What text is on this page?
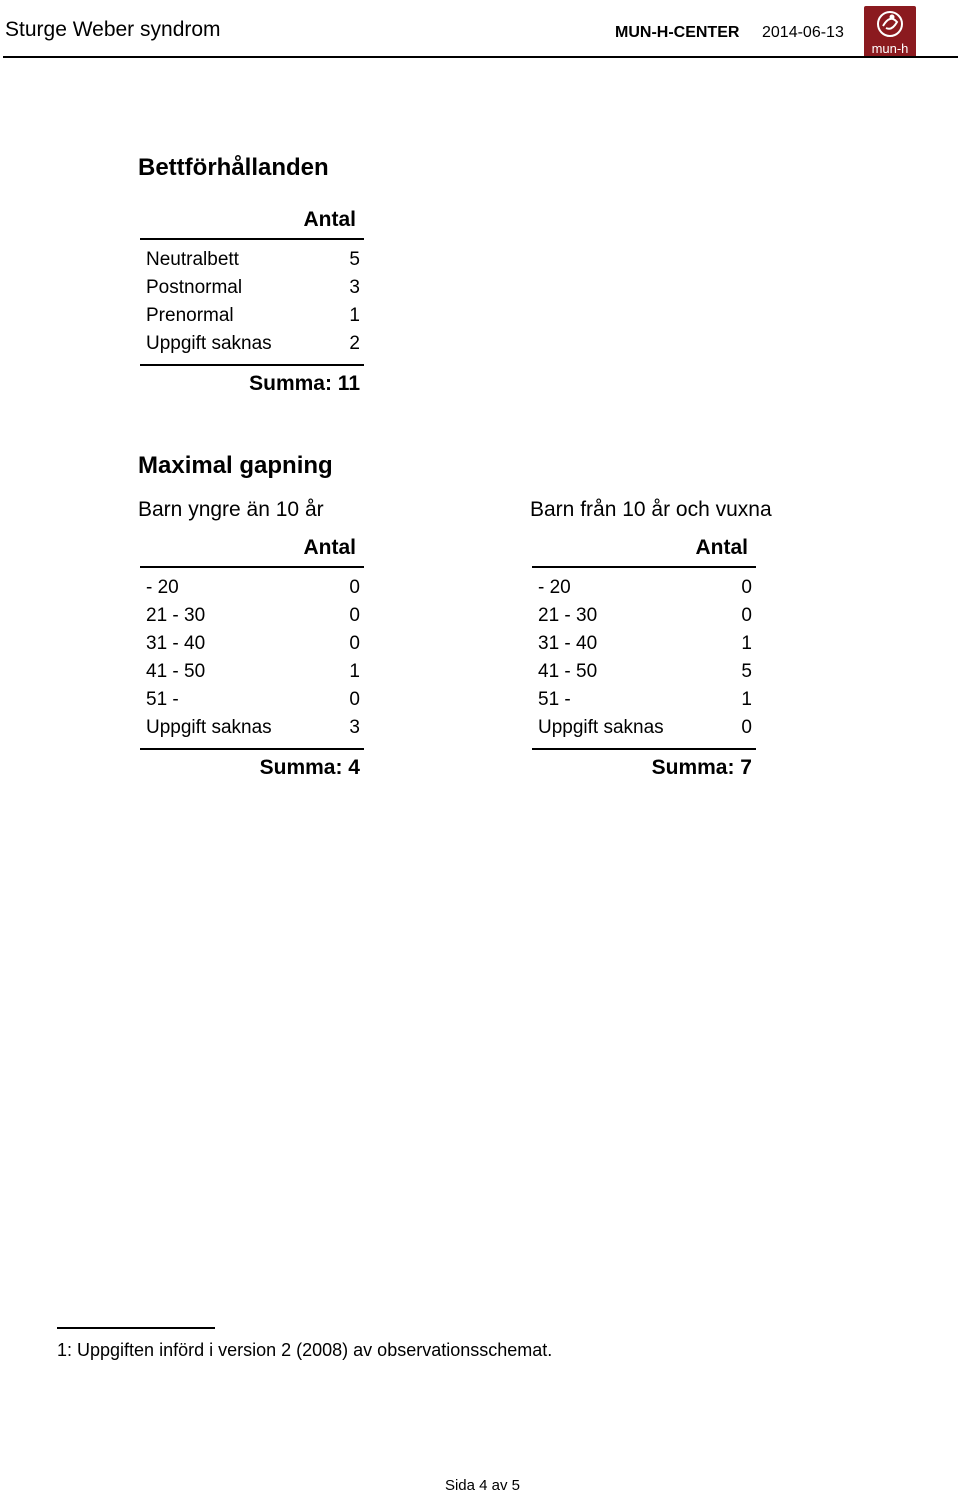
Sturge Weber syndrom	MUN-H-CENTER 2014-06-13
mun-h
Bettförhållanden
Antal
Neutralbett	5
Postnormal	3
Prenormal	1
Uppgift saknas	2
Summa: 11
Maximal gapning
Barn yngre än 10 år	Barn från 10 år och vuxna
Antal
- 20	0
21 - 30	0
31 - 40	0
41 - 50	1
51 -	0
Uppgift saknas	3
Summa: 4
Antal
- 20	0
21 - 30	0
31 - 40	1
41 - 50	5
51 -	1
Uppgift saknas	0
Summa: 7
1: Uppgiften införd i version 2 (2008) av observationsschemat.
Sida 4 av 5
